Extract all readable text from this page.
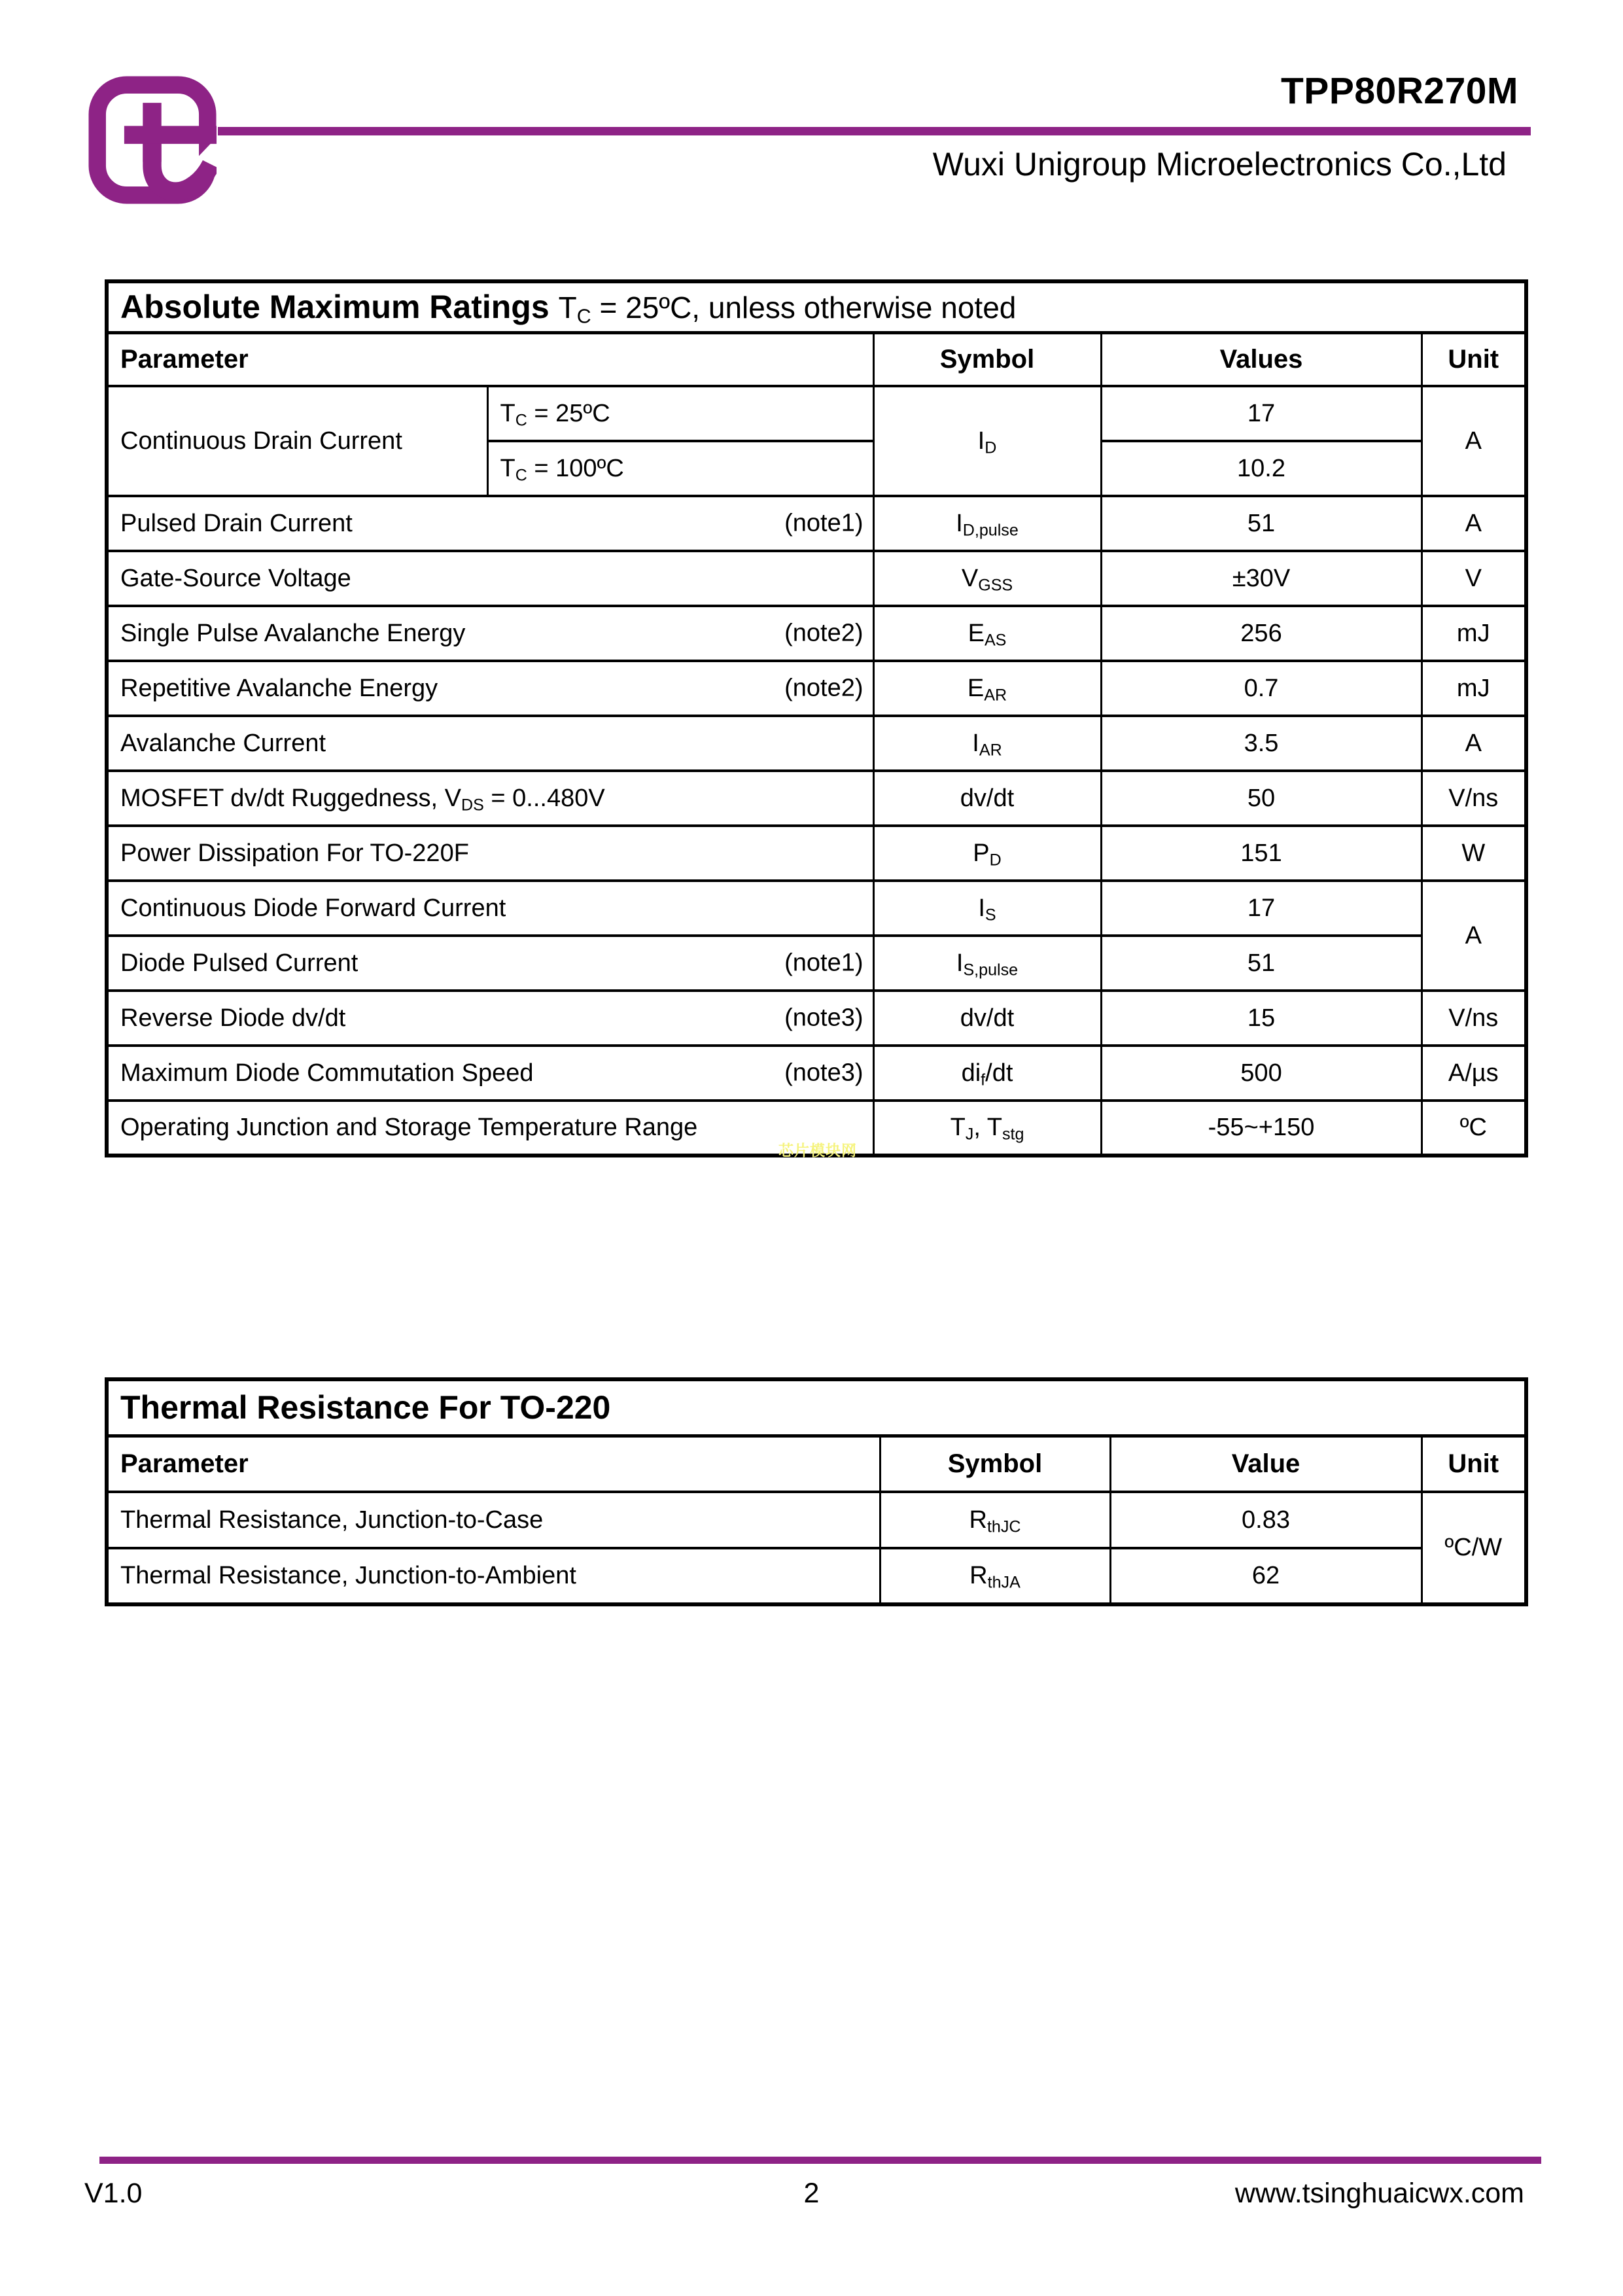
TPP80R270M
Wuxi Unigroup Microelectronics Co.,Ltd
Absolute Maximum Ratings $T_C$ = 25ºC, unless otherwise noted				
Parameter		Symbol	Values	Unit
Continuous Drain Current	$T_C$ = 25ºC	$I_D$	17	A
	$T_C$ = 100ºC		10.2	
Pulsed Drain Current (note1)		$I_{D,pulse}$	51	A
Gate-Source Voltage		$V_{GSS}$	±30V	V
Single Pulse Avalanche Energy (note2)		$E_{AS}$	256	mJ
Repetitive Avalanche Energy (note2)		$E_{AR}$	0.7	mJ
Avalanche Current		$I_{AR}$	3.5	A
MOSFET dv/dt Ruggedness, $V_{DS} = 0...480V$		dv/dt	50	V/ns
Power Dissipation For TO-220F		$P_D$	151	W
Continuous Diode Forward Current		$I_S$	17	A
Diode Pulsed Current (note1)		$I_{S,pulse}$	51	
Reverse Diode dv/dt (note3)		dv/dt	15	V/ns
Maximum Diode Commutation Speed (note3)		$di_f/dt$	500	A/µs
Operating Junction and Storage Temperature Range		$T_J$, $T_{stg}$	-55~+150	ºC
芯片模块网
Thermal Resistance For TO-220			
Parameter	Symbol	Value	Unit
Thermal Resistance, Junction-to-Case	$R_{thJC}$	0.83	ºC/W
Thermal Resistance, Junction-to-Ambient	$R_{thJA}$	62	
V1.0	2	www.tsinghuaicwx.com
